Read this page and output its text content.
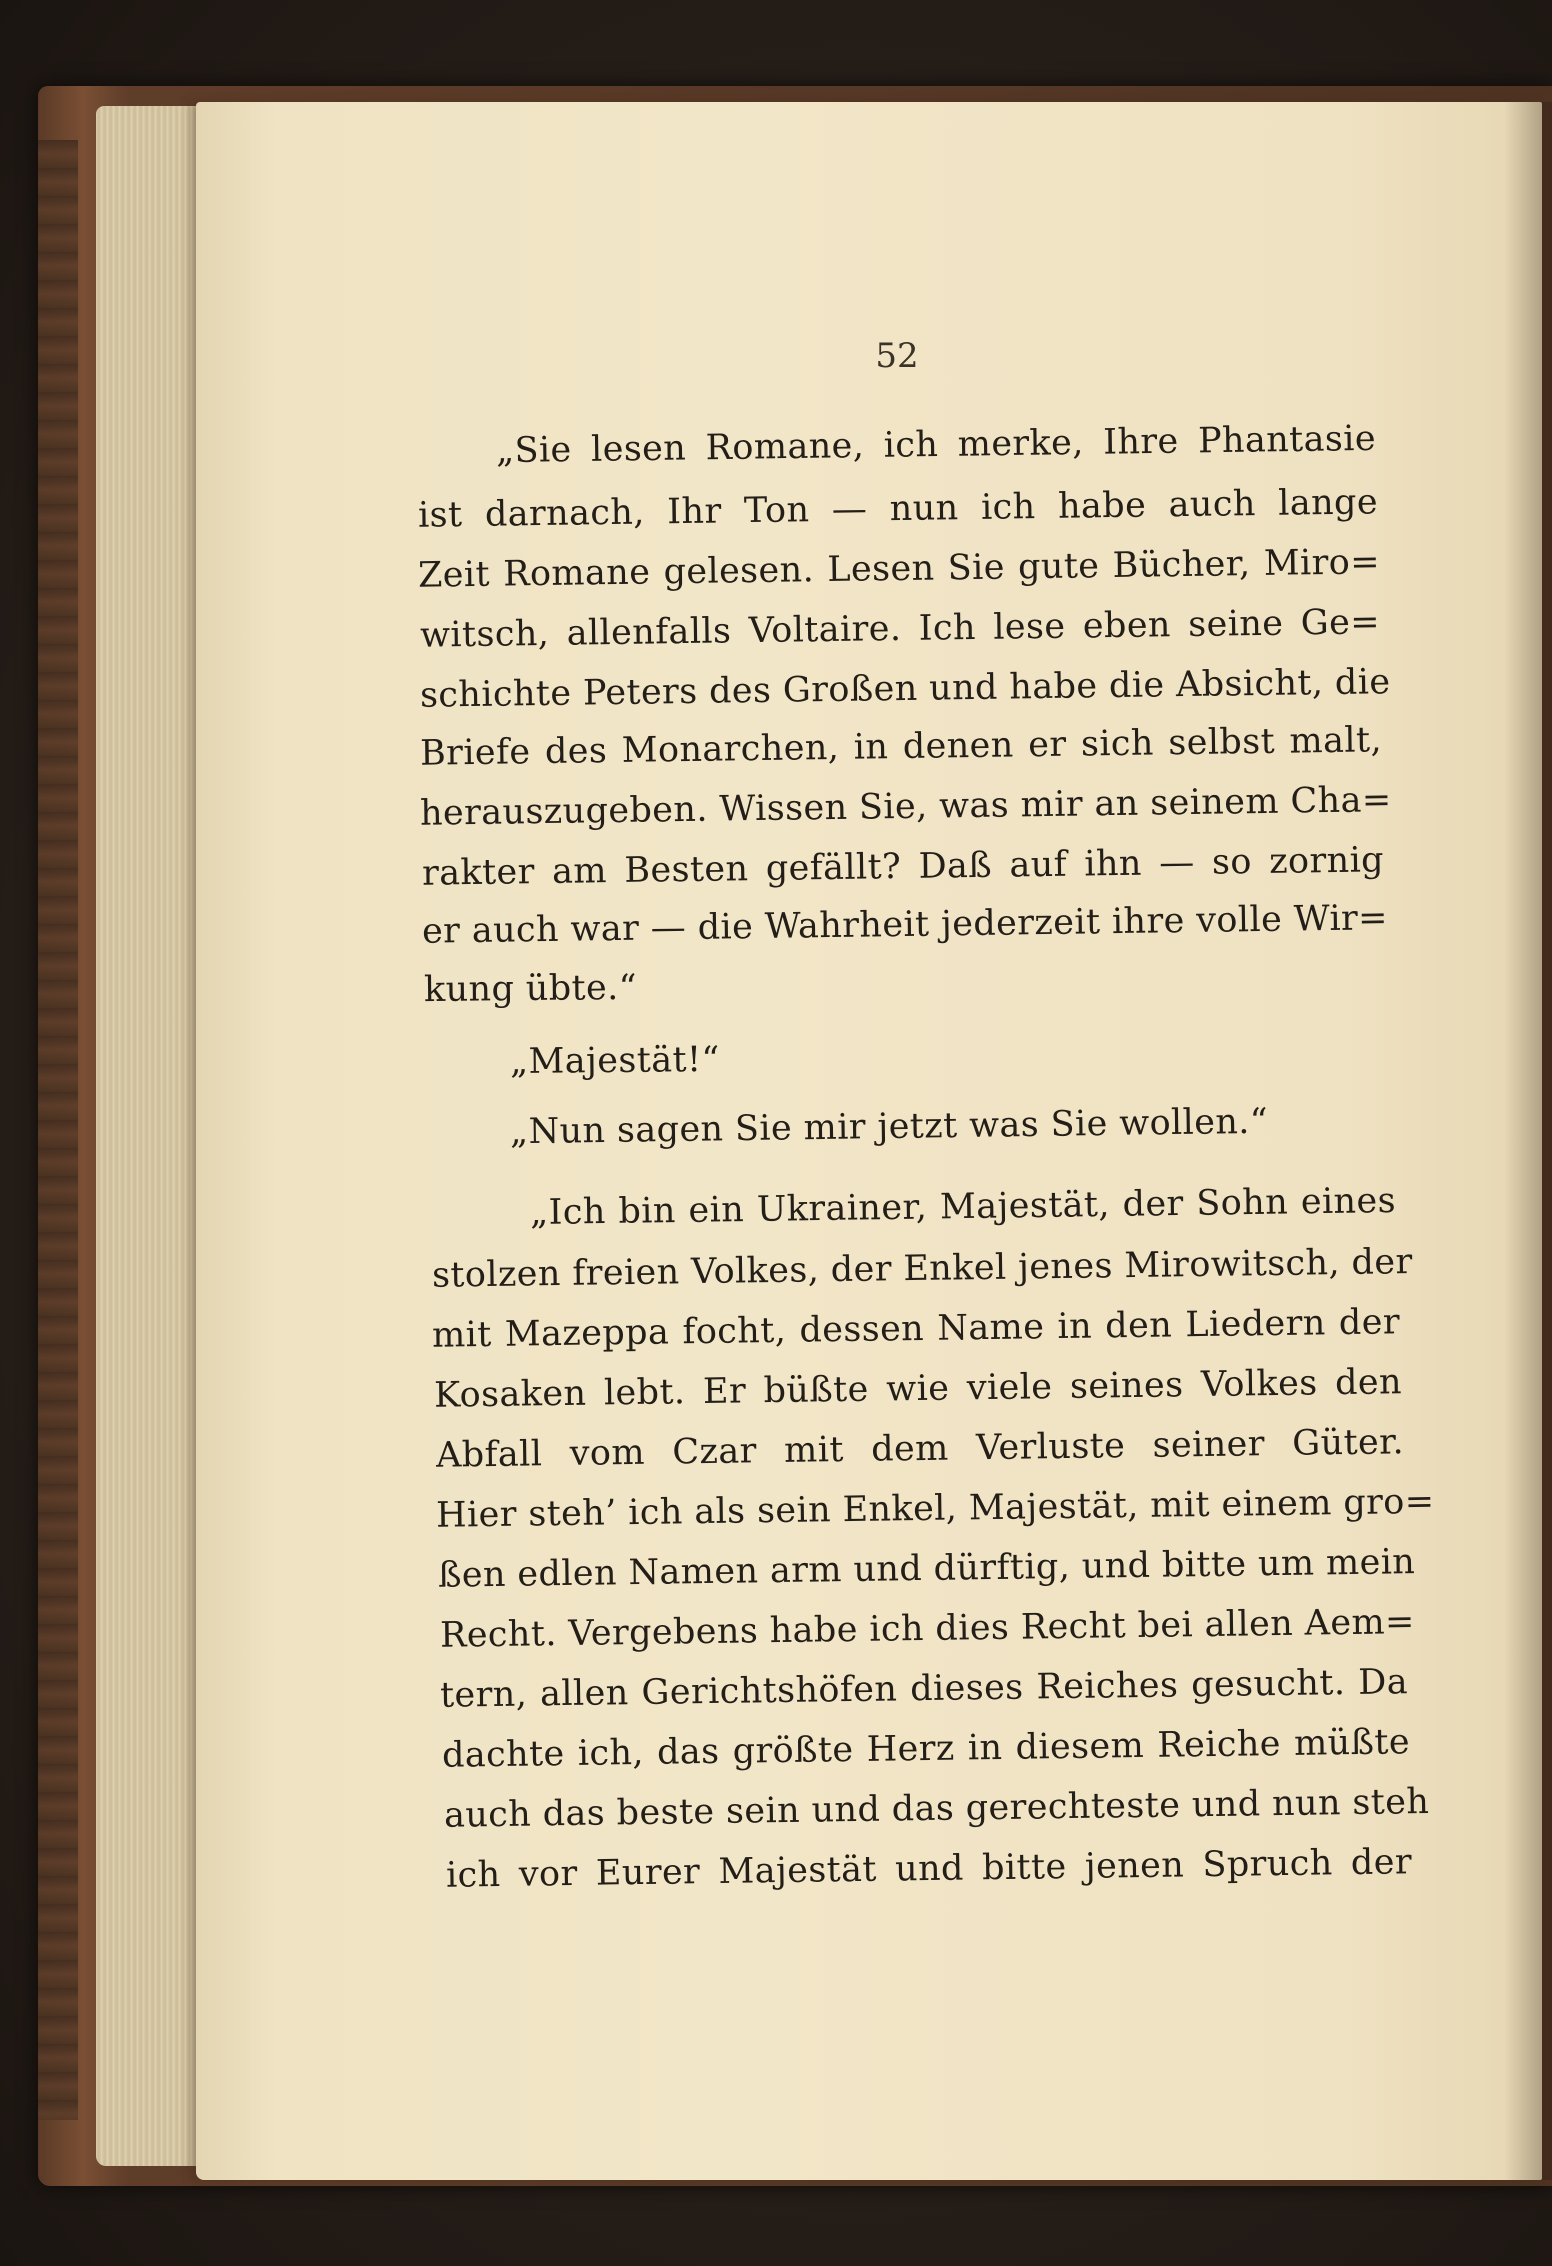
52
„Sie lesen Romane, ich merke, Ihre Phantasie
ist darnach, Ihr Ton — nun ich habe auch lange
Zeit Romane gelesen. Lesen Sie gute Bücher, Miro=
witsch, allenfalls Voltaire. Ich lese eben seine Ge=
schichte Peters des Großen und habe die Absicht, die
Briefe des Monarchen, in denen er sich selbst malt,
herauszugeben. Wissen Sie, was mir an seinem Cha=
rakter am Besten gefällt? Daß auf ihn — so zornig
er auch war — die Wahrheit jederzeit ihre volle Wir=
kung übte.“
„Majestät!“
„Nun sagen Sie mir jetzt was Sie wollen.“
„Ich bin ein Ukrainer, Majestät, der Sohn eines
stolzen freien Volkes, der Enkel jenes Mirowitsch, der
mit Mazeppa focht, dessen Name in den Liedern der
Kosaken lebt. Er büßte wie viele seines Volkes den
Abfall vom Czar mit dem Verluste seiner Güter.
Hier steh’ ich als sein Enkel, Majestät, mit einem gro=
ßen edlen Namen arm und dürftig, und bitte um mein
Recht. Vergebens habe ich dies Recht bei allen Aem=
tern, allen Gerichtshöfen dieses Reiches gesucht. Da
dachte ich, das größte Herz in diesem Reiche müßte
auch das beste sein und das gerechteste und nun steh
ich vor Eurer Majestät und bitte jenen Spruch der
